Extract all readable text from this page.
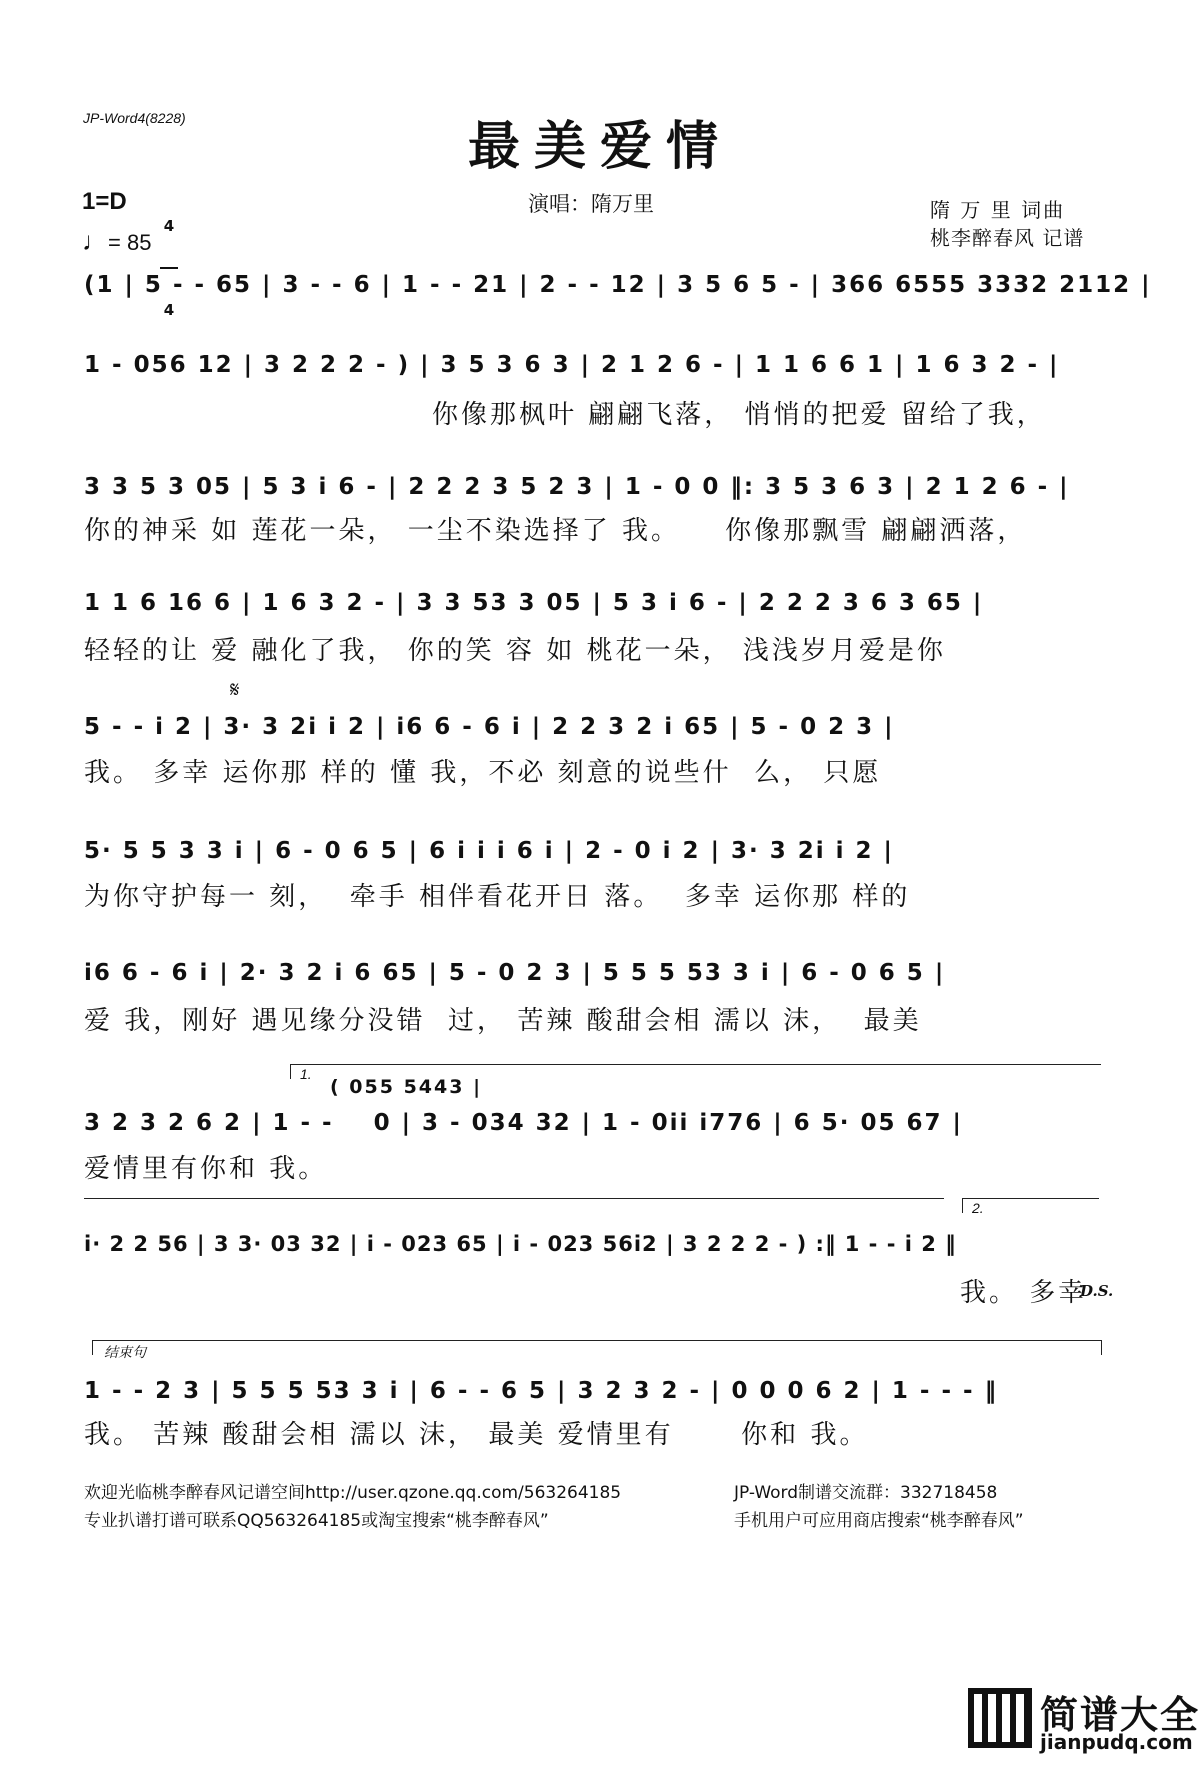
JP-Word4(8228)	最美爱情
1=D

4

4

♩= 85
演唱：隋万里	隋 万 里 词曲
桃李醉春风 记谱
(1 | 5 - - 65 | 3 - - 6 | 1 - - 21 | 2 - - 12 | 3 5 6 5 - | 366 6555 3332 2112 |
1 - 056 12 | 3 2 2 2 - ) | 3 5 3 6 3 | 2 1 2 6 - | 1 1 6 6 1 | 1 6 3 2 - |
你像那枫叶 翩翩飞落， 悄悄的把爱 留给了我，
3 3 5 3 05 | 5 3 i 6 - | 2 2 2 3 5 2 3 | 1 - 0 0 ‖: 3 5 3 6 3 | 2 1 2 6 - |
你的神采 如 莲花一朵， 一尘不染选择了 我。    你像那飘雪 翩翩洒落，
1 1 6 16 6 | 1 6 3 2 - | 3 3 53 3 05 | 5 3 i 6 - | 2 2 2 3 6 3 65 |
轻轻的让 爱 融化了我， 你的笑 容 如 桃花一朵， 浅浅岁月爱是你
𝄋
5 - - i 2 | 3· 3 2i i 2 | i6 6 - 6 i | 2 2 3 2 i 65 | 5 - 0 2 3 |
我。 多幸 运你那 样的 懂 我，不必 刻意的说些什  么， 只愿
5· 5 5 3 3 i | 6 - 0 6 5 | 6 i i i 6 i | 2 - 0 i 2 | 3· 3 2i i 2 |
为你守护每一 刻，  牵手 相伴看花开日 落。  多幸 运你那 样的
i6 6 - 6 i | 2· 3 2 i 6 65 | 5 - 0 2 3 | 5 5 5 53 3 i | 6 - 0 6 5 |
爱 我，刚好 遇见缘分没错  过， 苦辣 酸甜会相 濡以 沫，  最美
1.
( 055 5443 |
3 2 3 2 6 2 | 1 - -    0 | 3 - 034 32 | 1 - 0ii i776 | 6 5· 05 67 |
爱情里有你和 我。
2.
i· 2 2 56 | 3 3· 03 32 | i - 023 65 | i - 023 56i2 | 3 2 2 2 - ) :‖ 1 - - i 2 ‖
我。 多幸
D.S.
结束句
1 - - 2 3 | 5 5 5 53 3 i | 6 - - 6 5 | 3 2 3 2 - | 0 0 0 6 2 | 1 - - - ‖
我。 苦辣 酸甜会相 濡以 沫， 最美 爱情里有      你和 我。
欢迎光临桃李醉春风记谱空间http://user.qzone.qq.com/563264185	JP-Word制谱交流群：332718458
专业扒谱打谱可联系QQ563264185或淘宝搜索“桃李醉春风”	手机用户可应用商店搜索“桃李醉春风”
简谱大全
jianpudq.com
